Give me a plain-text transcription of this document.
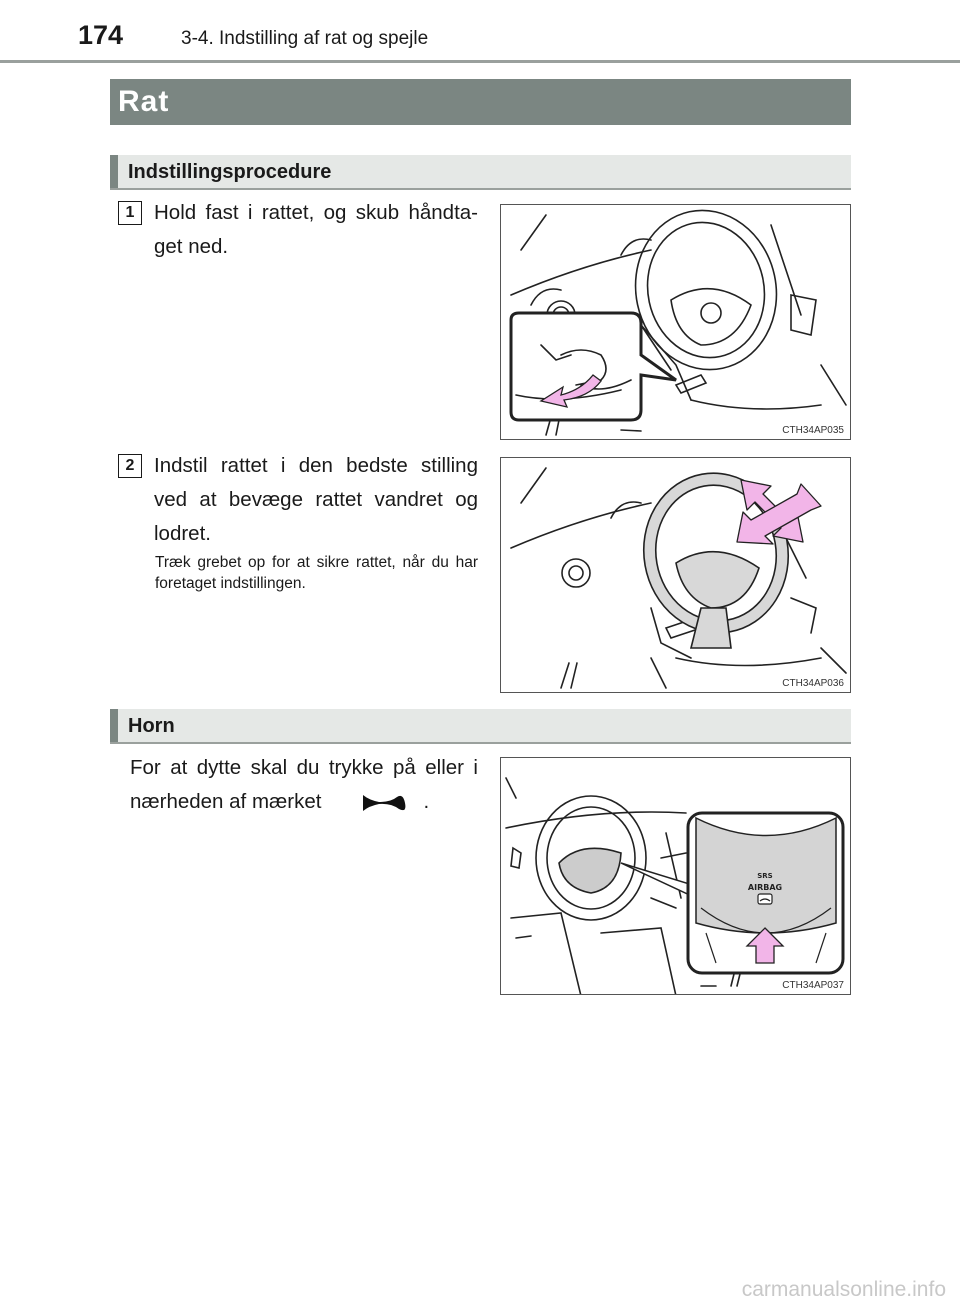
174	3-4. Indstilling af rat og spejle
Rat
Indstillingsprocedure
1 Hold fast i rattet, og skub håndta-get ned.
CTH34AP035
2 Indstil rattet i den bedste stilling ved at bevæge rattet vandret og lodret.
Træk grebet op for at sikre rattet, når du har foretaget indstillingen.
CTH34AP036
Horn
For at dytte skal du trykke på eller i nærheden af mærket	.
SRS
AIRBAG
CTH34AP037
carmanualsonline.info
